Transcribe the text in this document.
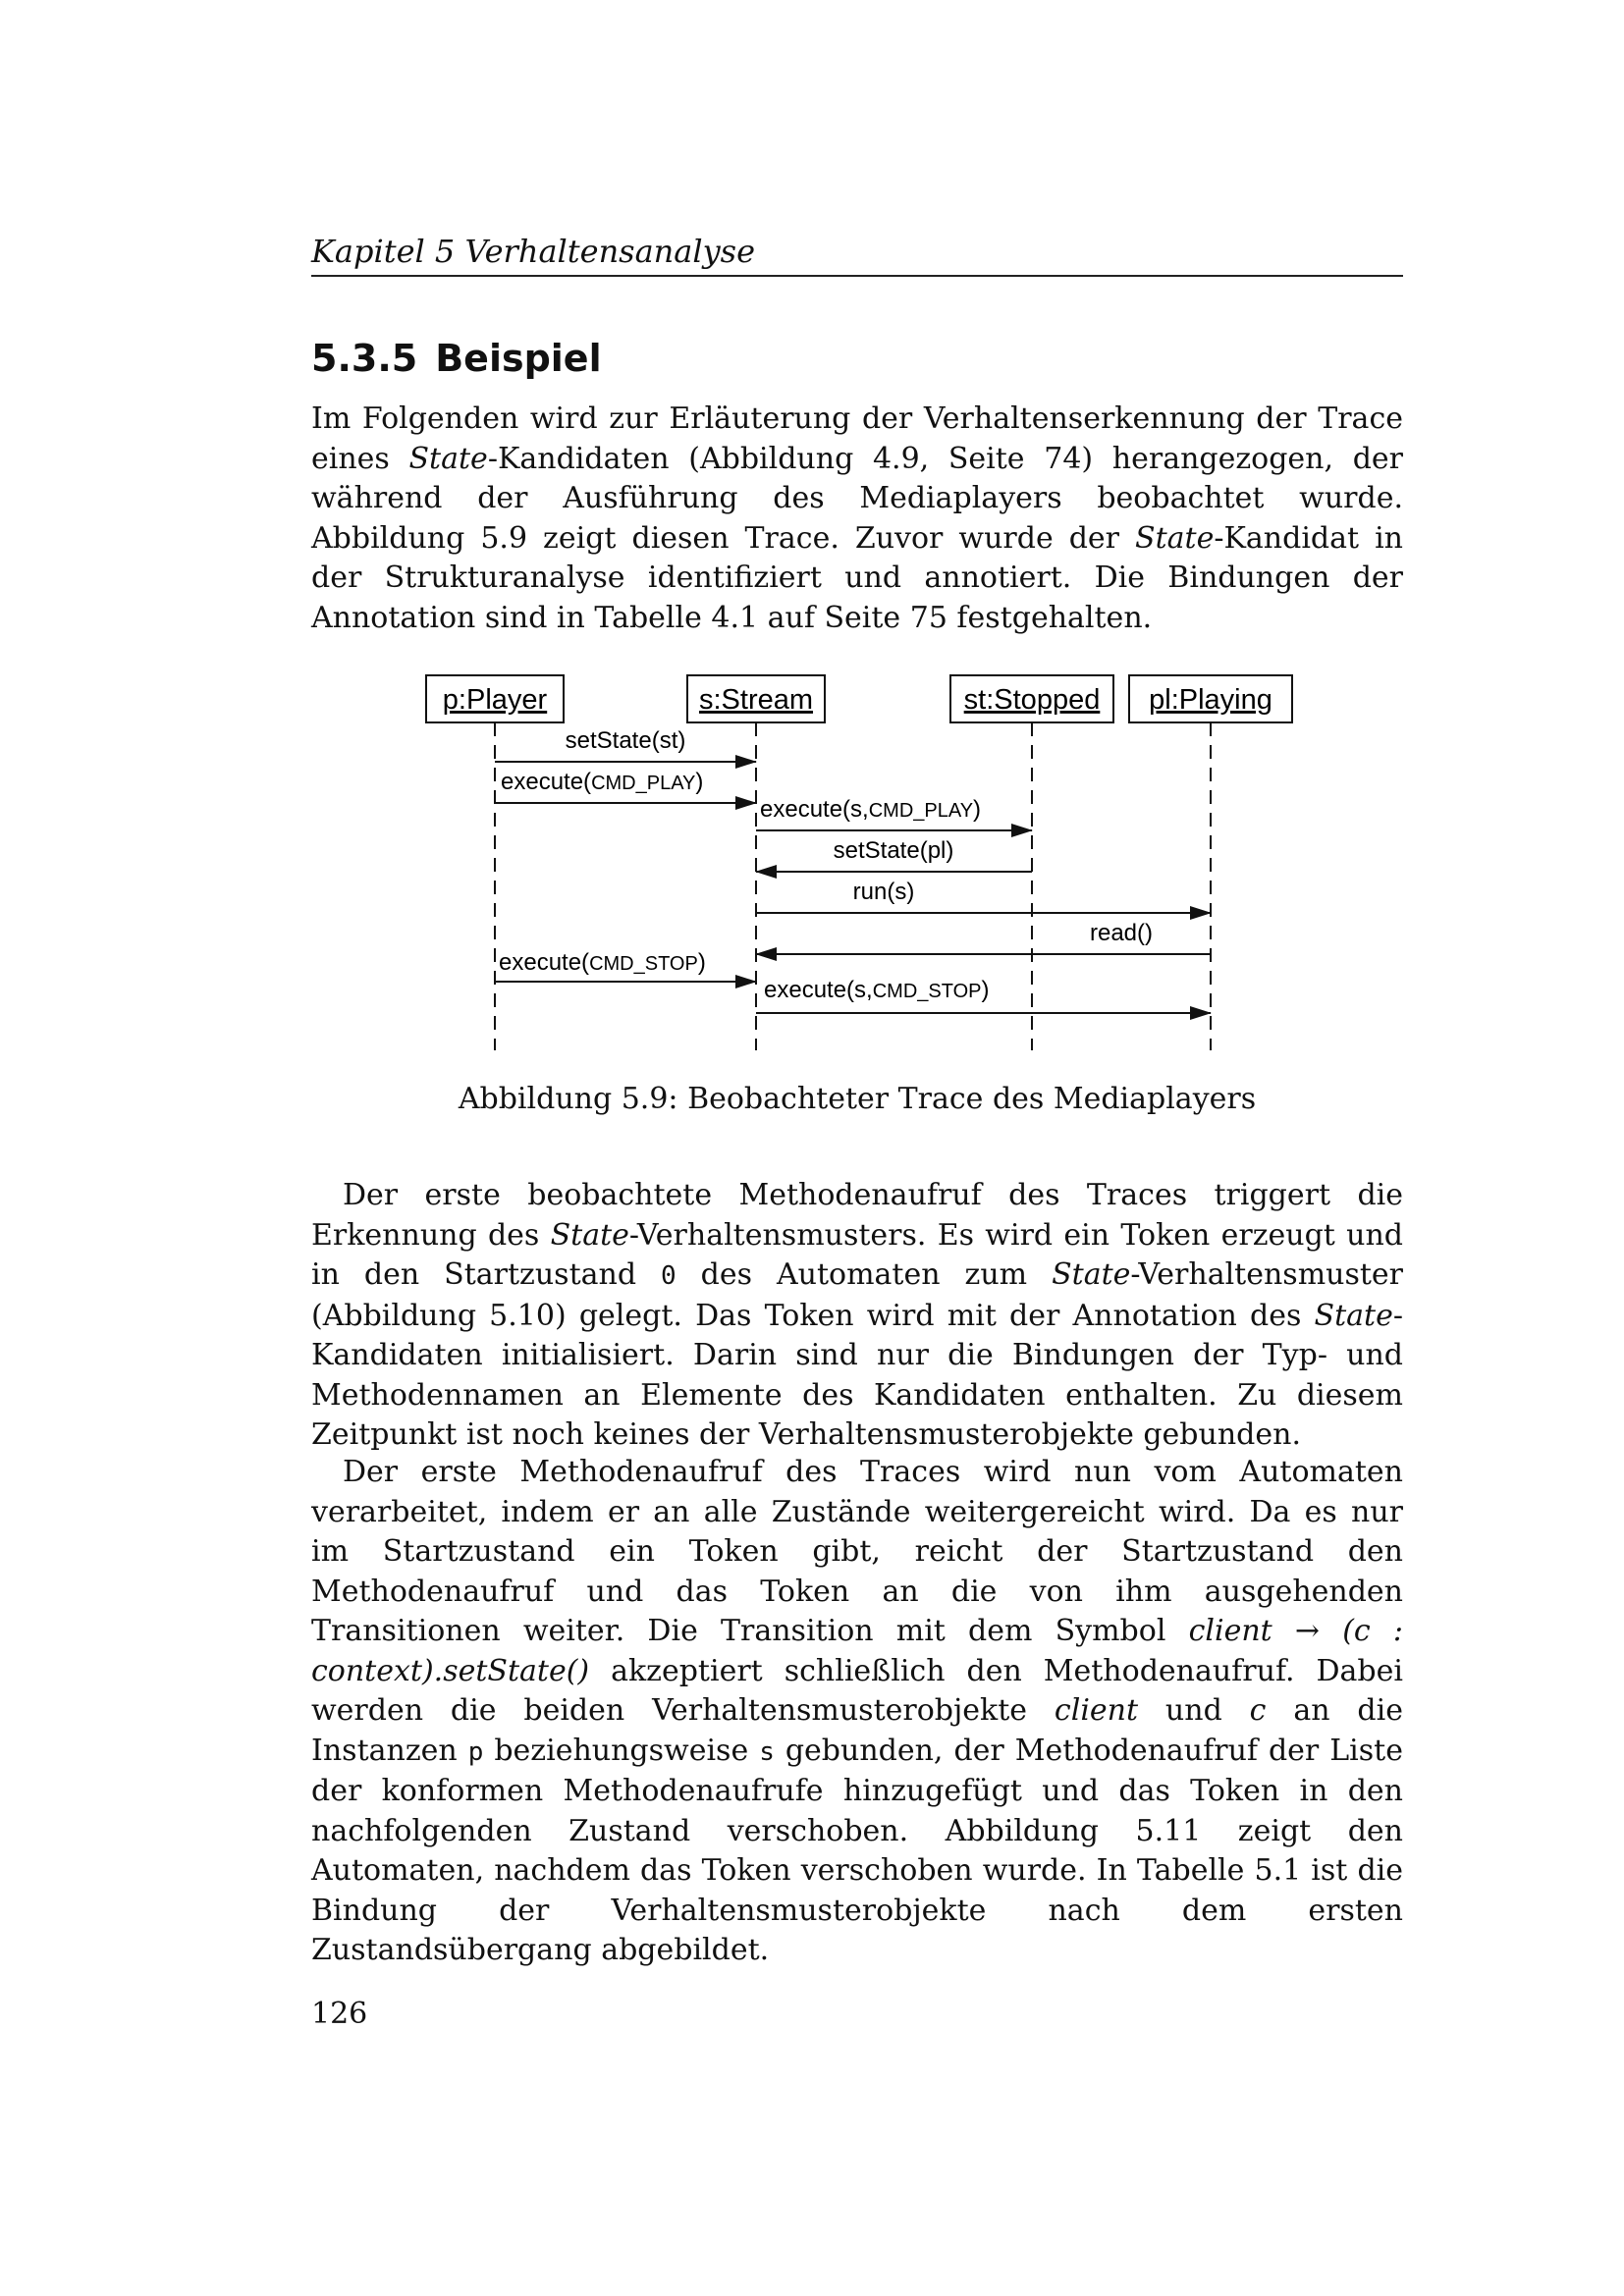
Kapitel 5 Verhaltensanalyse
5.3.5 Beispiel

Im Folgenden wird zur Erläuterung der Verhaltenserkennung der Trace eines State-Kandidaten (Abbildung 4.9, Seite 74) herangezogen, der während der Ausführung des Mediaplayers beobachtet wurde. Abbildung 5.9 zeigt diesen Trace. Zuvor wurde der State-Kandidat in der Strukturanalyse identifiziert und annotiert. Die Bindungen der Annotation sind in Tabelle 4.1 auf Seite 75 festgehalten.

p:Player	s:Stream	st:Stopped pl:Playing
setState(st)
execute(CMD_PLAY)
execute(s,CMD_PLAY)
setState(pl)
run(s)
read()
execute(CMD_STOP)
execute(s,CMD_STOP)
Abbildung 5.9: Beobachteter Trace des Mediaplayers

Der erste beobachtete Methodenaufruf des Traces triggert die Erkennung des State-Verhaltensmusters. Es wird ein Token erzeugt und in den Startzustand 0 des Automaten zum State-Verhaltensmuster (Abbildung 5.10) gelegt. Das Token wird mit der Annotation des State-Kandidaten initialisiert. Darin sind nur die Bindungen der Typ- und Methodennamen an Elemente des Kandidaten enthalten. Zu diesem Zeitpunkt ist noch keines der Verhaltensmusterobjekte gebunden.

Der erste Methodenaufruf des Traces wird nun vom Automaten verarbeitet, indem er an alle Zustände weitergereicht wird. Da es nur im Startzustand ein Token gibt, reicht der Startzustand den Methodenaufruf und das Token an die von ihm ausgehenden Transitionen weiter. Die Transition mit dem Symbol client → (c : context).setState() akzeptiert schließlich den Methodenaufruf. Dabei werden die beiden Verhaltensmusterobjekte client und c an die Instanzen p beziehungsweise s gebunden, der Methodenaufruf der Liste der konformen Methodenaufrufe hinzugefügt und das Token in den nachfolgenden Zustand verschoben. Abbildung 5.11 zeigt den Automaten, nachdem das Token verschoben wurde. In Tabelle 5.1 ist die Bindung der Verhaltensmusterobjekte nach dem ersten Zustandsübergang abgebildet.

126
